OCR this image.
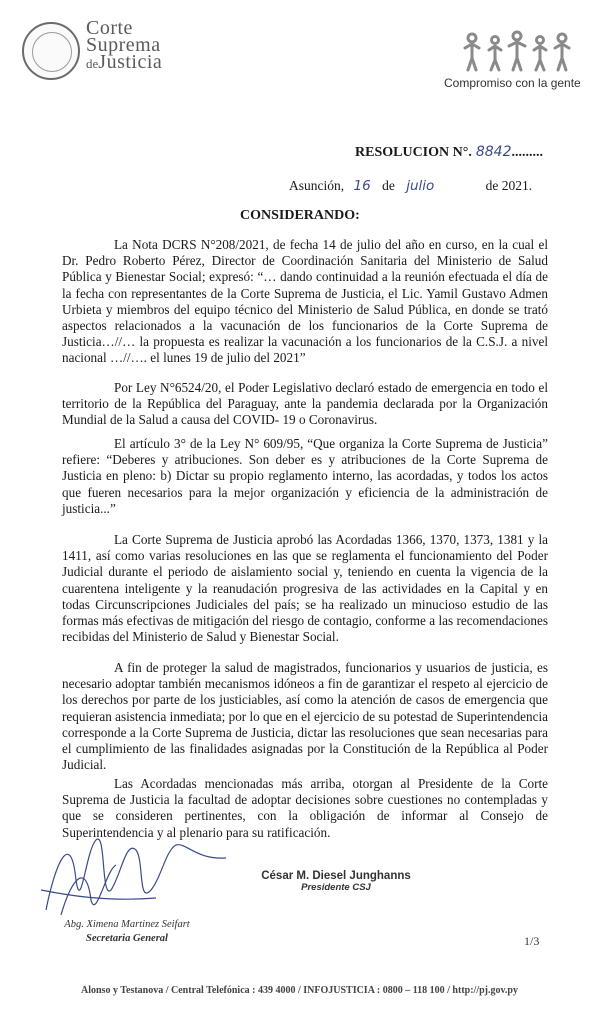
Corte
Suprema
deJusticia
Compromiso con la gente
RESOLUCION N°. 8842.........
Asunción, 16 de julio	de 2021.
CONSIDERANDO:
La Nota DCRS N°208/2021, de fecha 14 de julio del año en curso, en la cual el Dr. Pedro Roberto Pérez, Director de Coordinación Sanitaria del Ministerio de Salud Pública y Bienestar Social; expresó: “… dando continuidad a la reunión efectuada el día de la fecha con representantes de la Corte Suprema de Justicia, el Lic. Yamil Gustavo Admen Urbieta y miembros del equipo técnico del Ministerio de Salud Pública, en donde se trató aspectos relacionados a la vacunación de los funcionarios de la Corte Suprema de Justicia…//… la propuesta es realizar la vacunación a los funcionarios de la C.S.J. a nivel nacional …//…. el lunes 19 de julio del 2021”
Por Ley N°6524/20, el Poder Legislativo declaró estado de emergencia en todo el territorio de la República del Paraguay, ante la pandemia declarada por la Organización Mundial de la Salud a causa del COVID- 19 o Coronavirus.
El artículo 3° de la Ley N° 609/95, “Que organiza la Corte Suprema de Justicia” refiere: “Deberes y atribuciones. Son deber es y atribuciones de la Corte Suprema de Justicia en pleno: b) Dictar su propio reglamento interno, las acordadas, y todos los actos que fueren necesarios para la mejor organización y eficiencia de la administración de justicia...”
La Corte Suprema de Justicia aprobó las Acordadas 1366, 1370, 1373, 1381 y la 1411, así como varias resoluciones en las que se reglamenta el funcionamiento del Poder Judicial durante el periodo de aislamiento social y, teniendo en cuenta la vigencia de la cuarentena inteligente y la reanudación progresiva de las actividades en la Capital y en todas Circunscripciones Judiciales del país; se ha realizado un minucioso estudio de las formas más efectivas de mitigación del riesgo de contagio, conforme a las recomendaciones recibidas del Ministerio de Salud y Bienestar Social.
A fin de proteger la salud de magistrados, funcionarios y usuarios de justicia, es necesario adoptar también mecanismos idóneos a fin de garantizar el respeto al ejercicio de los derechos por parte de los justiciables, así como la atención de casos de emergencia que requieran asistencia inmediata; por lo que en el ejercicio de su potestad de Superintendencia corresponde a la Corte Suprema de Justicia, dictar las resoluciones que sean necesarias para el cumplimiento de las finalidades asignadas por la Constitución de la República al Poder Judicial.
Las Acordadas mencionadas más arriba, otorgan al Presidente de la Corte Suprema de Justicia la facultad de adoptar decisiones sobre cuestiones no contempladas y que se consideren pertinentes, con la obligación de informar al Consejo de Superintendencia y al plenario para su ratificación.
César M. Diesel Junghanns
Presidente CSJ
Abg. Ximena Martinez Seifart
Secretaria General	1/3
Alonso y Testanova / Central Telefónica : 439 4000 / INFOJUSTICIA : 0800 – 118 100 / http://pj.gov.py
